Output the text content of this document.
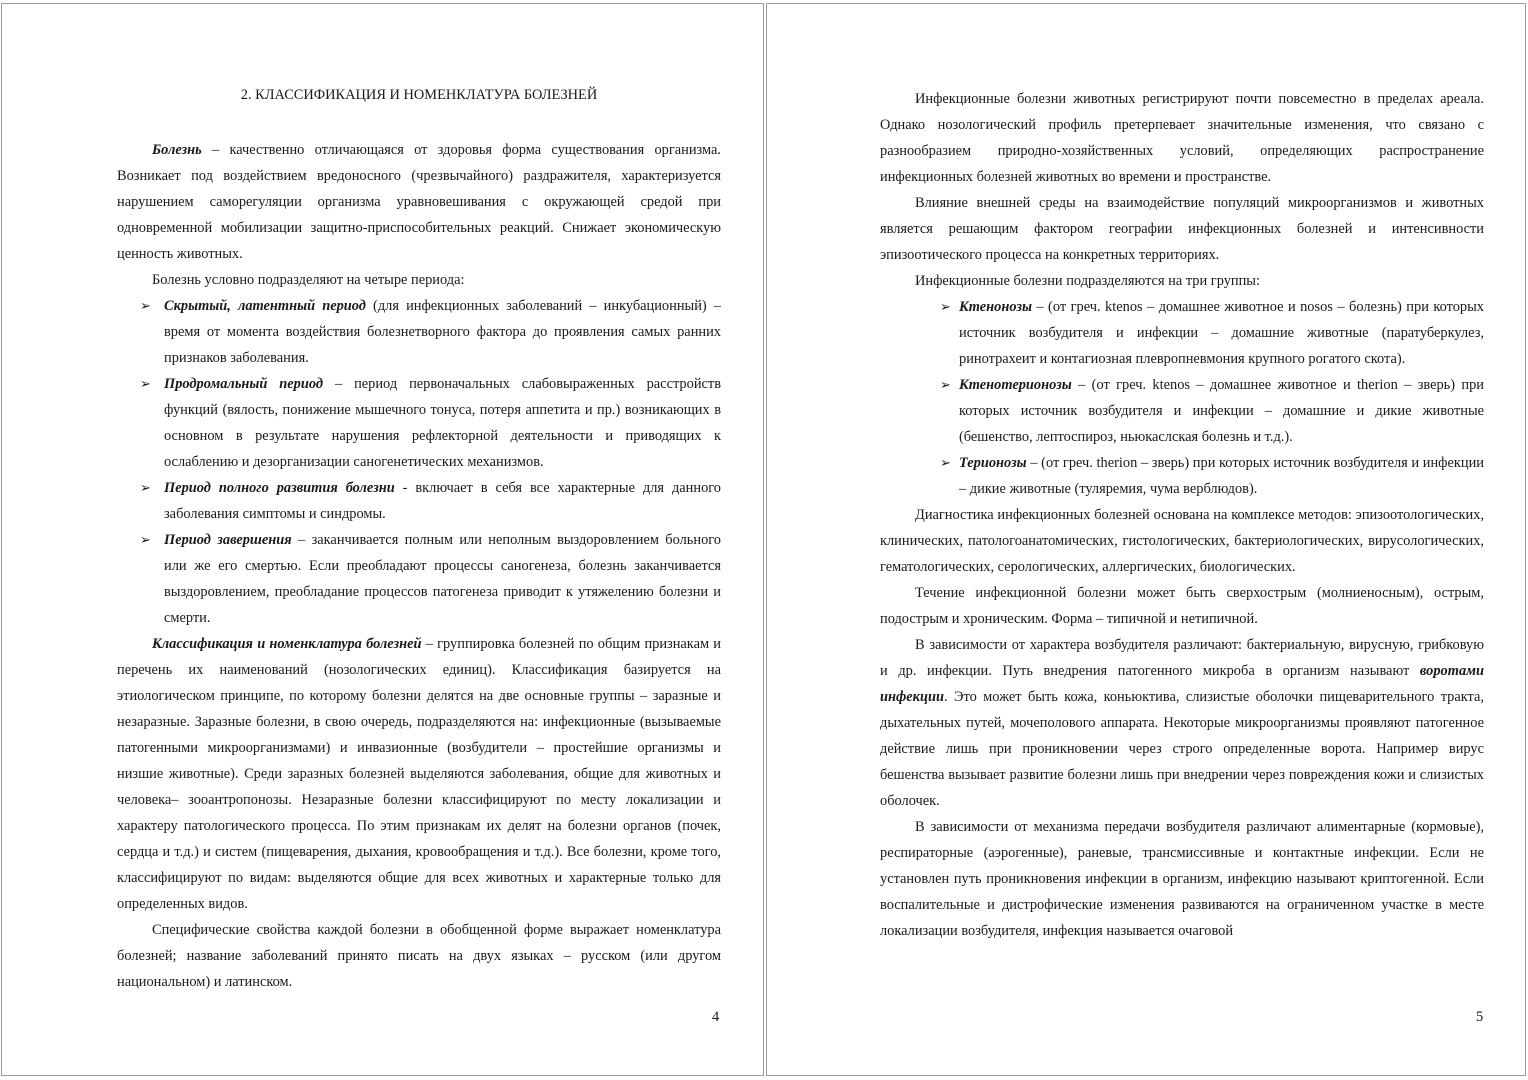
2. КЛАССИФИКАЦИЯ И НОМЕНКЛАТУРА БОЛЕЗНЕЙ

Болезнь – качественно отличающаяся от здоровья форма существования организма. Возникает под воздействием вредоносного (чрезвычайного) раздражителя, характеризуется нарушением саморегуляции организма уравновешивания с окружающей средой при одновременной мобилизации защитно-приспособительных реакций. Снижает экономическую ценность животных.

Болезнь условно подразделяют на четыре периода:

➢ Скрытый, латентный период (для инфекционных заболеваний – инкубационный) – время от момента воздействия болезнетворного фактора до проявления самых ранних признаков заболевания.
➢ Продромальный период – период первоначальных слабовыраженных расстройств функций (вялость, понижение мышечного тонуса, потеря аппетита и пр.) возникающих в основном в результате нарушения рефлекторной деятельности и приводящих к ослаблению и дезорганизации саногенетических механизмов.
➢ Период полного развития болезни - включает в себя все характерные для данного заболевания симптомы и синдромы.
➢ Период завершения – заканчивается полным или неполным выздоровлением больного или же его смертью. Если преобладают процессы саногенеза, болезнь заканчивается выздоровлением, преобладание процессов патогенеза приводит к утяжелению болезни и смерти.

Классификация и номенклатура болезней – группировка болезней по общим признакам и перечень их наименований (нозологических единиц). Классификация базируется на этиологическом принципе, по которому болезни делятся на две основные группы – заразные и незаразные. Заразные болезни, в свою очередь, подразделяются на: инфекционные (вызываемые патогенными микроорганизмами) и инвазионные (возбудители – простейшие организмы и низшие животные). Среди заразных болезней выделяются заболевания, общие для животных и человека– зооантропонозы. Незаразные болезни классифицируют по месту локализации и характеру патологического процесса. По этим признакам их делят на болезни органов (почек, сердца и т.д.) и систем (пищеварения, дыхания, кровообращения и т.д.). Все болезни, кроме того, классифицируют по видам: выделяются общие для всех животных и характерные только для определенных видов.

Специфические свойства каждой болезни в обобщенной форме выражает номенклатура болезней; название заболеваний принято писать на двух языках – русском (или другом национальном) и латинском.

4

Инфекционные болезни животных регистрируют почти повсеместно в пределах ареала. Однако нозологический профиль претерпевает значительные изменения, что связано с разнообразием природно-хозяйственных условий, определяющих распространение инфекционных болезней животных во времени и пространстве.

Влияние внешней среды на взаимодействие популяций микроорганизмов и животных является решающим фактором географии инфекционных болезней и интенсивности эпизоотического процесса на конкретных территориях.

Инфекционные болезни подразделяются на три группы:

➢ Ктенонозы – (от греч. ktenos – домашнее животное и nosos – болезнь) при которых источник возбудителя и инфекции – домашние животные (паратуберкулез, ринотрахеит и контагиозная плевропневмония крупного рогатого скота).
➢ Ктенотерионозы – (от греч. ktenos – домашнее животное и therion – зверь) при которых источник возбудителя и инфекции – домашние и дикие животные (бешенство, лептоспироз, ньюкаслская болезнь и т.д.).
➢ Терионозы – (от греч. therion – зверь) при которых источник возбудителя и инфекции – дикие животные (туляремия, чума верблюдов).

Диагностика инфекционных болезней основана на комплексе методов: эпизоотологических, клинических, патологоанатомических, гистологических, бактериологических, вирусологических, гематологических, серологических, аллергических, биологических.

Течение инфекционной болезни может быть сверхострым (молниеносным), острым, подострым и хроническим. Форма – типичной и нетипичной.

В зависимости от характера возбудителя различают: бактериальную, вирусную, грибковую и др. инфекции. Путь внедрения патогенного микроба в организм называют воротами инфекции. Это может быть кожа, коньюктива, слизистые оболочки пищеварительного тракта, дыхательных путей, мочеполового аппарата. Некоторые микроорганизмы проявляют патогенное действие лишь при проникновении через строго определенные ворота. Например вирус бешенства вызывает развитие болезни лишь при внедрении через повреждения кожи и слизистых оболочек.

В зависимости от механизма передачи возбудителя различают алиментарные (кормовые), респираторные (аэрогенные), раневые, трансмиссивные и контактные инфекции. Если не установлен путь проникновения инфекции в организм, инфекцию называют криптогенной. Если воспалительные и дистрофические изменения развиваются на ограниченном участке в месте локализации возбудителя, инфекция называется очаговой

5
